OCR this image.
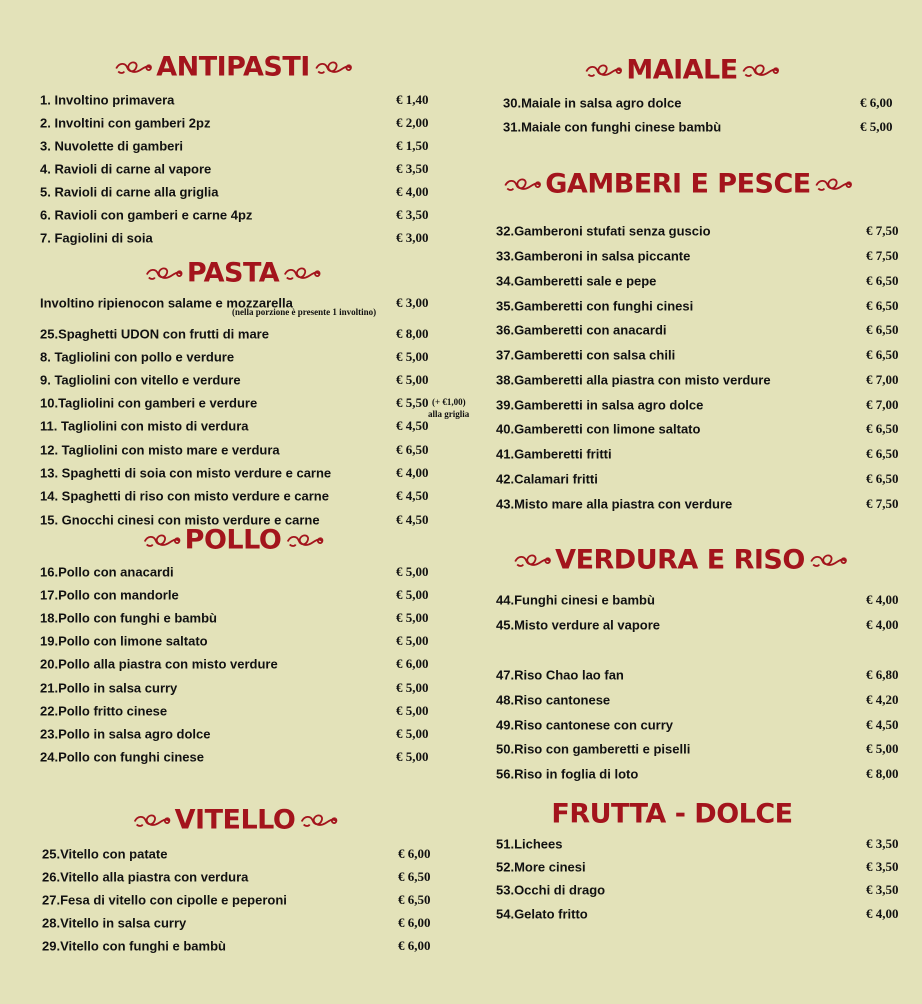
ANTIPASTI
1. Involtino primavera	€ 1,40
2. Involtini con gamberi 2pz	€ 2,00
3. Nuvolette di gamberi	€ 1,50
4. Ravioli di carne al vapore	€ 3,50
5. Ravioli di carne alla griglia	€ 4,00
6. Ravioli con gamberi e carne 4pz	€ 3,50
7. Fagiolini di soia	€ 3,00
PASTA
Involtino ripienocon salame e mozzarella	€ 3,00
(nella porzione è presente 1 involtino)
25.Spaghetti UDON con frutti di mare	€ 8,00
8. Tagliolini con pollo e verdure	€ 5,00
9. Tagliolini con vitello e verdure	€ 5,00
10.Tagliolini con gamberi e verdure	€ 5,50 (+ €1,00)
alla griglia
11. Tagliolini con misto di verdura	€ 4,50
12. Tagliolini con misto mare e verdura	€ 6,50
13. Spaghetti di soia con misto verdure e carne	€ 4,00
14. Spaghetti di riso con misto verdure e carne	€ 4,50
15. Gnocchi cinesi con misto verdure e carne	€ 4,50
POLLO
16.Pollo con anacardi	€ 5,00
17.Pollo con mandorle	€ 5,00
18.Pollo con funghi e bambù	€ 5,00
19.Pollo con limone saltato	€ 5,00
20.Pollo alla piastra con misto verdure	€ 6,00
21.Pollo in salsa curry	€ 5,00
22.Pollo fritto cinese	€ 5,00
23.Pollo in salsa agro dolce	€ 5,00
24.Pollo con funghi cinese	€ 5,00
VITELLO
25.Vitello con patate	€ 6,00
26.Vitello alla piastra con verdura	€ 6,50
27.Fesa di vitello con cipolle e peperoni	€ 6,50
28.Vitello in salsa curry	€ 6,00
29.Vitello con funghi e bambù	€ 6,00
MAIALE
30.Maiale in salsa agro dolce	€ 6,00
31.Maiale con funghi cinese bambù	€ 5,00
GAMBERI E PESCE
32.Gamberoni stufati senza guscio	€ 7,50
33.Gamberoni in salsa piccante	€ 7,50
34.Gamberetti sale e pepe	€ 6,50
35.Gamberetti con funghi cinesi	€ 6,50
36.Gamberetti con anacardi	€ 6,50
37.Gamberetti con salsa chili	€ 6,50
38.Gamberetti alla piastra con misto verdure	€ 7,00
39.Gamberetti in salsa agro dolce	€ 7,00
40.Gamberetti con limone saltato	€ 6,50
41.Gamberetti fritti	€ 6,50
42.Calamari fritti	€ 6,50
43.Misto mare alla piastra con verdure	€ 7,50
VERDURA E RISO
44.Funghi cinesi e bambù	€ 4,00
45.Misto verdure al vapore	€ 4,00
47.Riso Chao lao fan	€ 6,80
48.Riso cantonese	€ 4,20
49.Riso cantonese con curry	€ 4,50
50.Riso con gamberetti e piselli	€ 5,00
56.Riso in foglia di loto	€ 8,00
FRUTTA - DOLCE
51.Lichees	€ 3,50
52.More cinesi	€ 3,50
53.Occhi di drago	€ 3,50
54.Gelato fritto	€ 4,00
